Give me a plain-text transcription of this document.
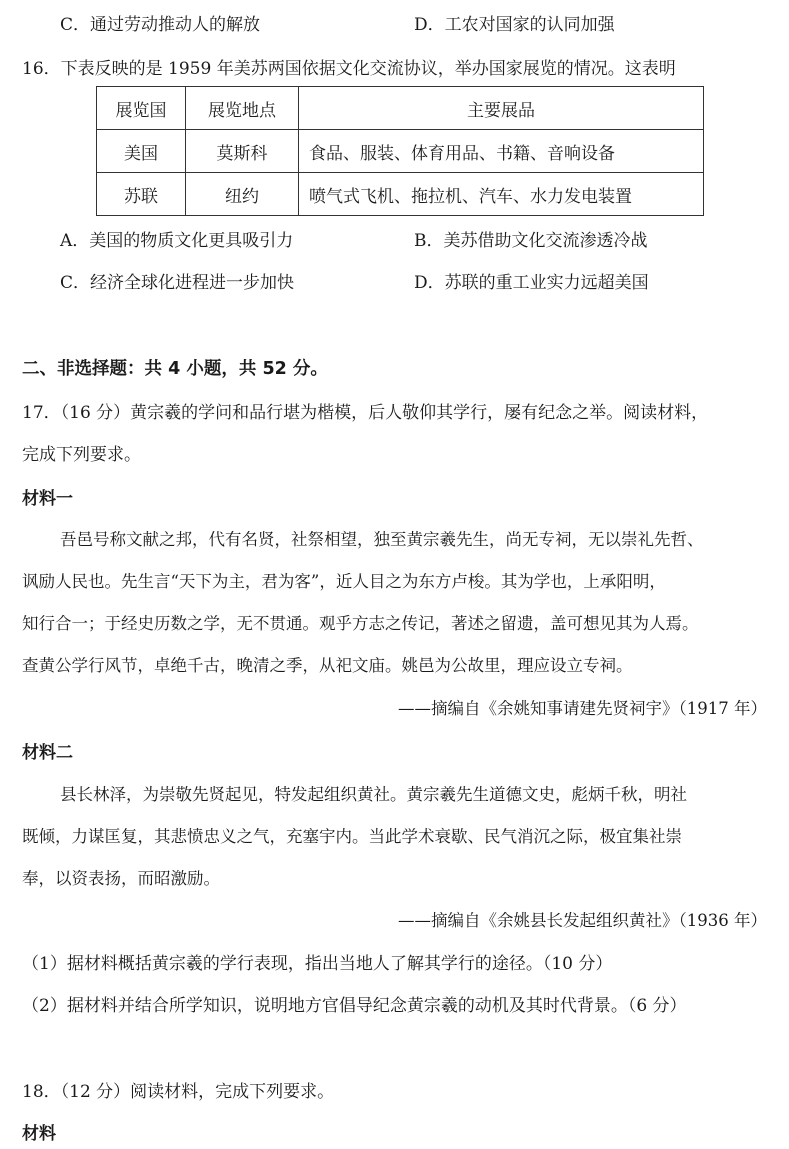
C．通过劳动推动人的解放	D．工农对国家的认同加强
16．下表反映的是 1959 年美苏两国依据文化交流协议，举办国家展览的情况。这表明
展览国	展览地点	主要展品
美国	莫斯科	食品、服装、体育用品、书籍、音响设备
苏联	纽约	喷气式飞机、拖拉机、汽车、水力发电装置
A．美国的物质文化更具吸引力	B．美苏借助文化交流渗透冷战
C．经济全球化进程进一步加快	D．苏联的重工业实力远超美国
二、非选择题：共 4 小题，共 52 分。
17．（16 分）黄宗羲的学问和品行堪为楷模，后人敬仰其学行，屡有纪念之举。阅读材料，
完成下列要求。
材料一
吾邑号称文献之邦，代有名贤，社祭相望，独至黄宗羲先生，尚无专祠，无以崇礼先哲、
讽励人民也。先生言“天下为主，君为客”，近人目之为东方卢梭。其为学也，上承阳明，
知行合一；于经史历数之学，无不贯通。观乎方志之传记，著述之留遗，盖可想见其为人焉。
查黄公学行风节，卓绝千古，晚清之季，从祀文庙。姚邑为公故里，理应设立专祠。
——摘编自《余姚知事请建先贤祠宇》（1917 年）
材料二
县长林泽，为崇敬先贤起见，特发起组织黄社。黄宗羲先生道德文史，彪炳千秋，明社
既倾，力谋匡复，其悲愤忠义之气，充塞宇内。当此学术衰歇、民气消沉之际，极宜集社崇
奉，以资表扬，而昭激励。
——摘编自《余姚县长发起组织黄社》（1936 年）
（1）据材料概括黄宗羲的学行表现，指出当地人了解其学行的途径。（10 分）
（2）据材料并结合所学知识，说明地方官倡导纪念黄宗羲的动机及其时代背景。（6 分）
18．（12 分）阅读材料，完成下列要求。
材料
